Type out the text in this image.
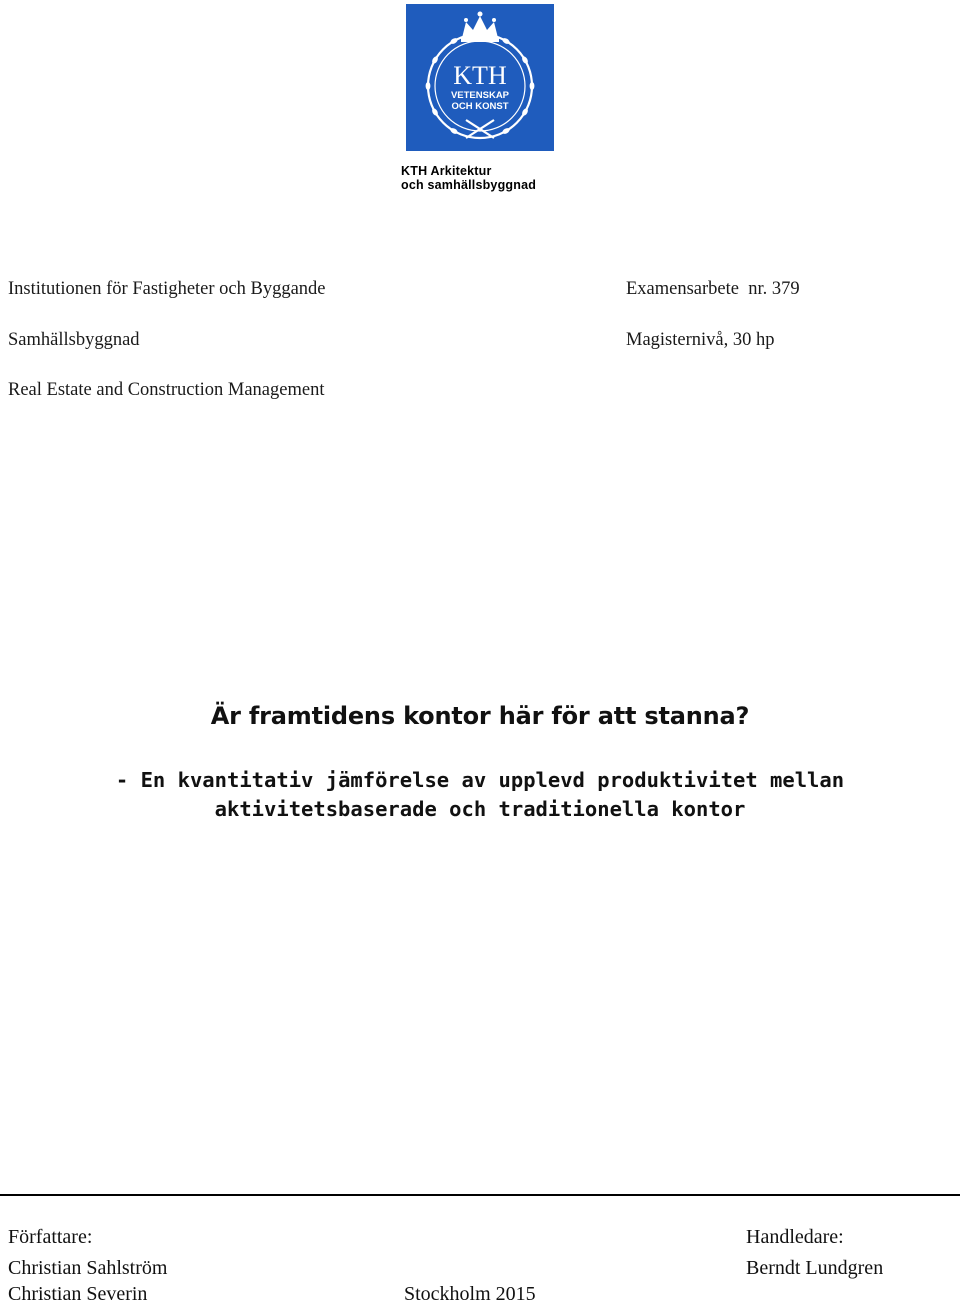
KTH
VETENSKAP
OCH KONST
KTH Arkitektur
och samhällsbyggnad
Institutionen för Fastigheter och Byggande
Samhällsbyggnad
Real Estate and Construction Management
Examensarbete  nr. 379
Magisternivå, 30 hp
Är framtidens kontor här för att stanna?
- En kvantitativ jämförelse av upplevd produktivitet mellan
aktivitetsbaserade och traditionella kontor
Författare:
Christian Sahlström
Christian Severin	Stockholm 2015
Handledare:
Berndt Lundgren
